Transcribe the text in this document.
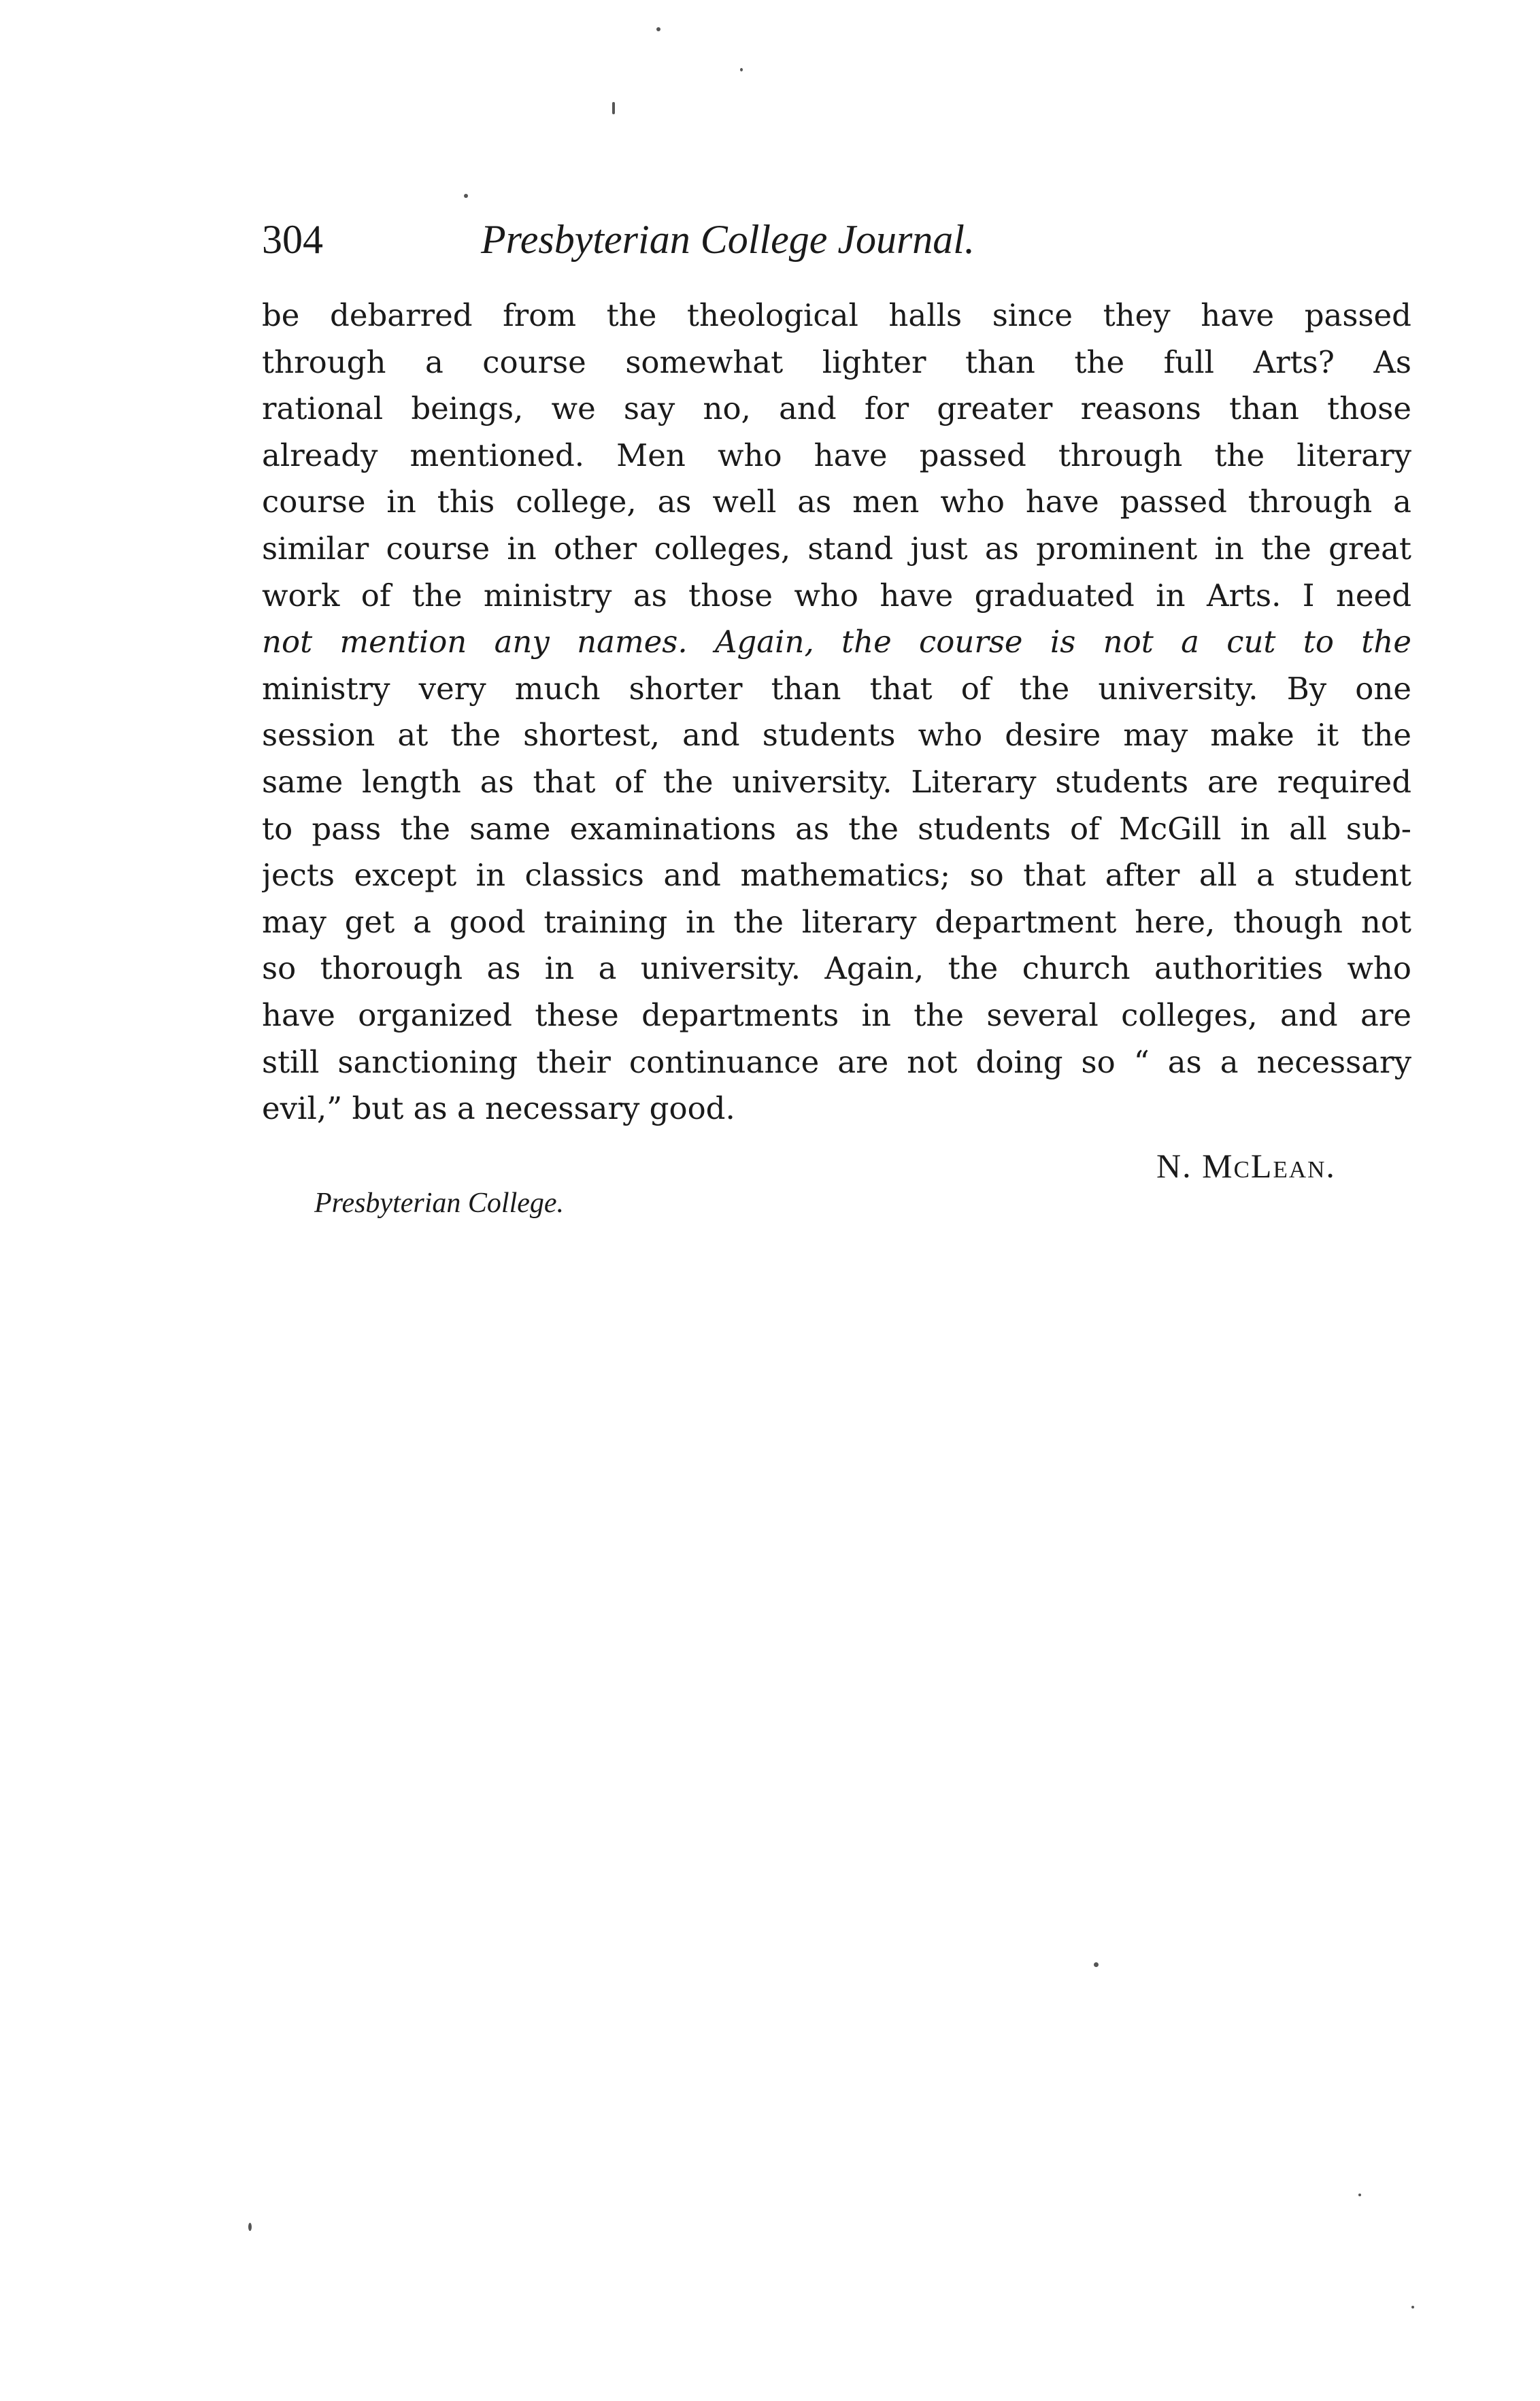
304	Presbyterian College Journal.
be debarred from the theological halls since they have passed
through a course somewhat lighter than the full Arts? As
rational beings, we say no, and for greater reasons than those
already mentioned. Men who have passed through the literary
course in this college, as well as men who have passed through a
similar course in other colleges, stand just as prominent in the great
work of the ministry as those who have graduated in Arts. I need
not mention any names. Again, the course is not a cut to the
ministry very much shorter than that of the university. By one
session at the shortest, and students who desire may make it the
same length as that of the university. Literary students are required
to pass the same examinations as the students of McGill in all sub-
jects except in classics and mathematics; so that after all a student
may get a good training in the literary department here, though not
so thorough as in a university. Again, the church authorities who
have organized these departments in the several colleges, and are
still sanctioning their continuance are not doing so “ as a necessary
evil,” but as a necessary good.
N. McLean.
Presbyterian College.
